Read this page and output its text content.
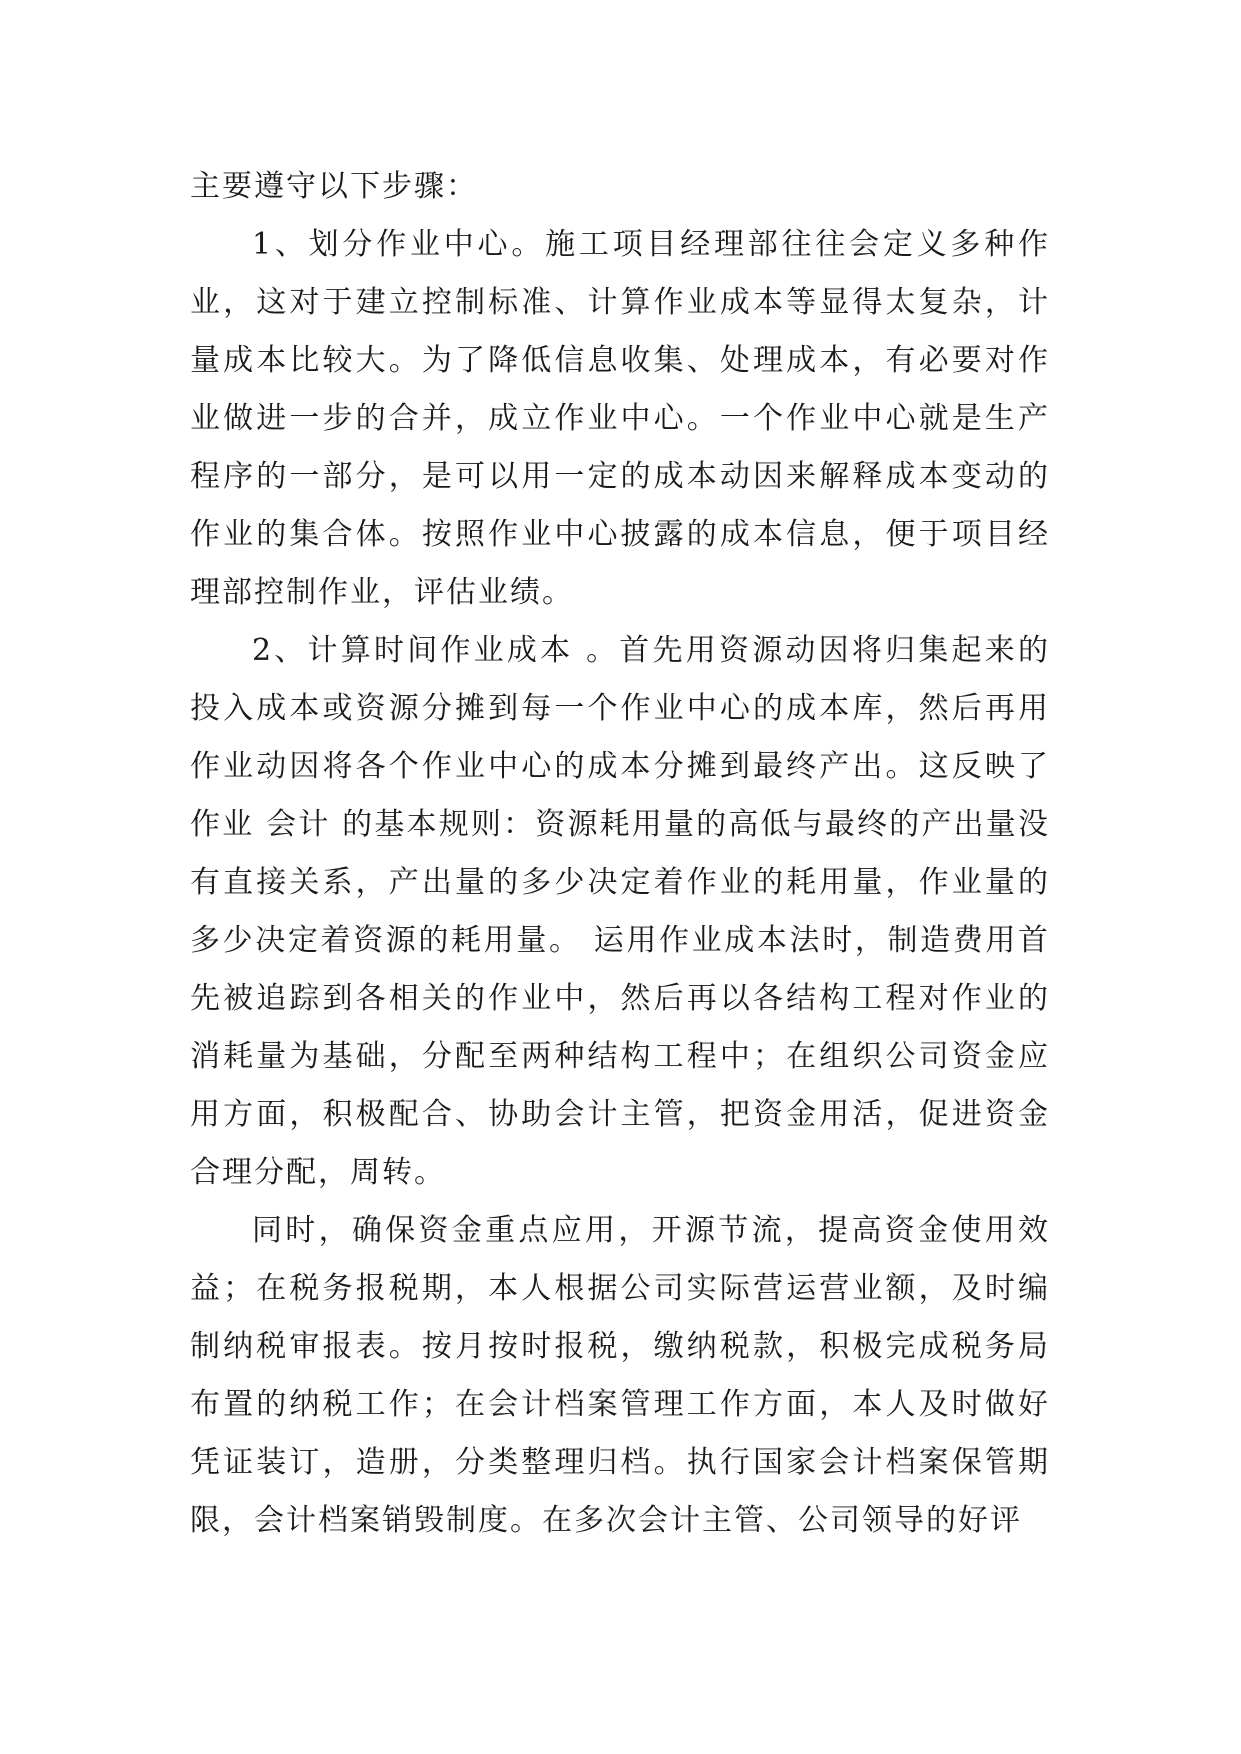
主要遵守以下步骤：

1、划分作业中心。施工项目经理部往往会定义多种作业，这对于建立控制标准、计算作业成本等显得太复杂，计量成本比较大。为了降低信息收集、处理成本，有必要对作业做进一步的合并，成立作业中心。一个作业中心就是生产程序的一部分，是可以用一定的成本动因来解释成本变动的作业的集合体。按照作业中心披露的成本信息，便于项目经理部控制作业，评估业绩。

2、计算时间作业成本 。首先用资源动因将归集起来的投入成本或资源分摊到每一个作业中心的成本库，然后再用作业动因将各个作业中心的成本分摊到最终产出。这反映了作业 会计 的基本规则：资源耗用量的高低与最终的产出量没有直接关系，产出量的多少决定着作业的耗用量，作业量的多少决定着资源的耗用量。 运用作业成本法时，制造费用首先被追踪到各相关的作业中，然后再以各结构工程对作业的消耗量为基础，分配至两种结构工程中；在组织公司资金应用方面，积极配合、协助会计主管，把资金用活，促进资金合理分配，周转。

同时，确保资金重点应用，开源节流，提高资金使用效益；在税务报税期，本人根据公司实际营运营业额，及时编制纳税审报表。按月按时报税，缴纳税款，积极完成税务局布置的纳税工作；在会计档案管理工作方面，本人及时做好凭证装订，造册，分类整理归档。执行国家会计档案保管期限，会计档案销毁制度。在多次会计主管、公司领导的好评
